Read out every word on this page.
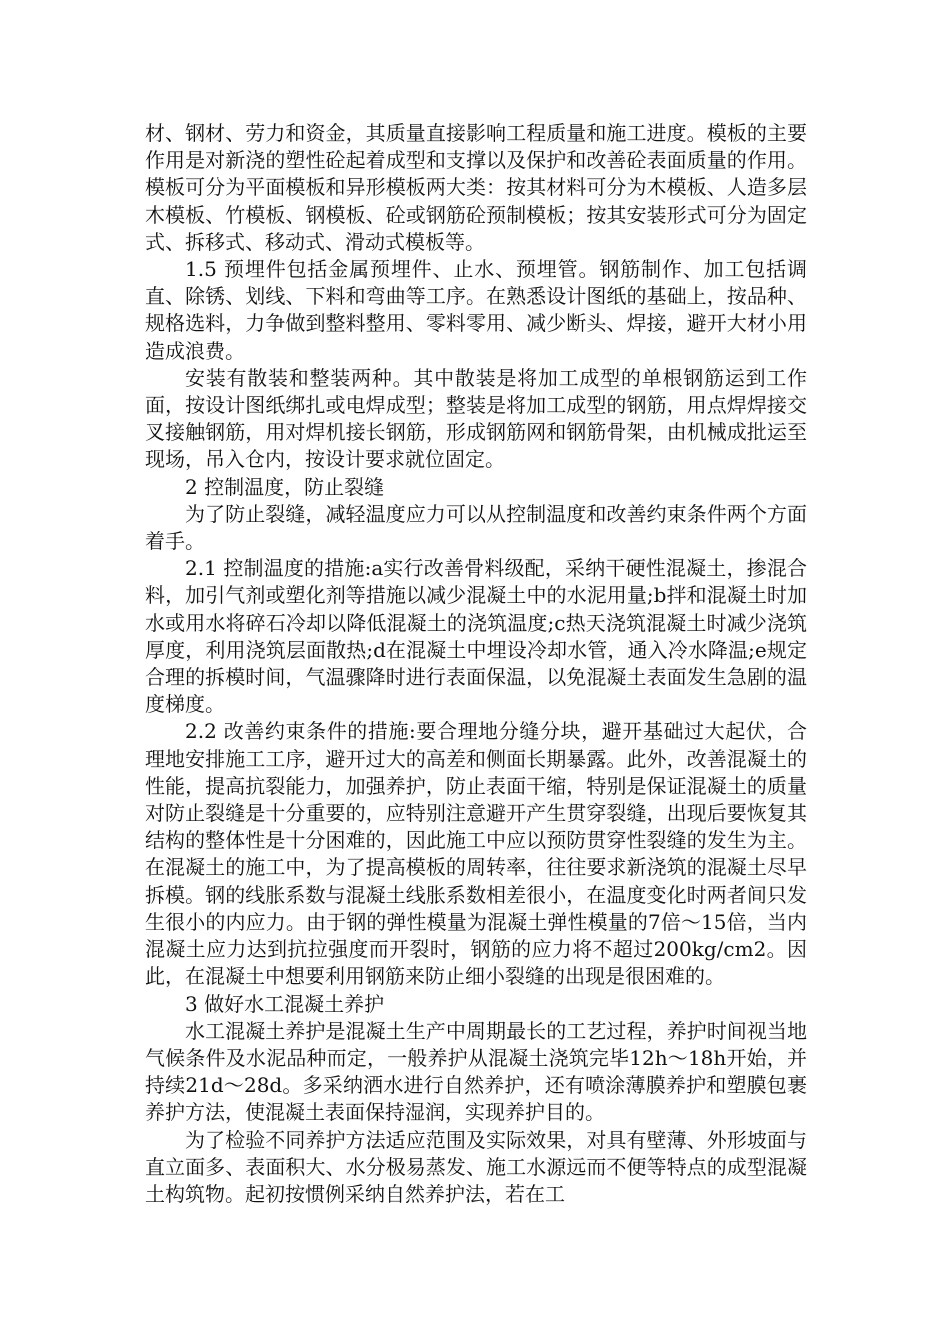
材、钢材、劳力和资金，其质量直接影响工程质量和施工进度。模板的主要作用是对新浇的塑性砼起着成型和支撑以及保护和改善砼表面质量的作用。模板可分为平面模板和异形模板两大类：按其材料可分为木模板、人造多层木模板、竹模板、钢模板、砼或钢筋砼预制模板；按其安装形式可分为固定式、拆移式、移动式、滑动式模板等。

1.5 预埋件包括金属预埋件、止水、预埋管。钢筋制作、加工包括调直、除锈、划线、下料和弯曲等工序。在熟悉设计图纸的基础上，按品种、规格选料，力争做到整料整用、零料零用、减少断头、焊接，避开大材小用造成浪费。

安装有散装和整装两种。其中散装是将加工成型的单根钢筋运到工作面，按设计图纸绑扎或电焊成型；整装是将加工成型的钢筋，用点焊焊接交叉接触钢筋，用对焊机接长钢筋，形成钢筋网和钢筋骨架，由机械成批运至现场，吊入仓内，按设计要求就位固定。

2 控制温度，防止裂缝

为了防止裂缝，减轻温度应力可以从控制温度和改善约束条件两个方面着手。

2.1 控制温度的措施:a实行改善骨料级配，采纳干硬性混凝土，掺混合料，加引气剂或塑化剂等措施以减少混凝土中的水泥用量;b拌和混凝土时加水或用水将碎石冷却以降低混凝土的浇筑温度;c热天浇筑混凝土时减少浇筑厚度，利用浇筑层面散热;d在混凝土中埋设冷却水管，通入冷水降温;e规定合理的拆模时间，气温骤降时进行表面保温，以免混凝土表面发生急剧的温度梯度。

2.2 改善约束条件的措施:要合理地分缝分块，避开基础过大起伏，合理地安排施工工序，避开过大的高差和侧面长期暴露。此外，改善混凝土的性能，提高抗裂能力，加强养护，防止表面干缩，特别是保证混凝土的质量对防止裂缝是十分重要的，应特别注意避开产生贯穿裂缝，出现后要恢复其结构的整体性是十分困难的，因此施工中应以预防贯穿性裂缝的发生为主。在混凝土的施工中，为了提高模板的周转率，往往要求新浇筑的混凝土尽早拆模。钢的线胀系数与混凝土线胀系数相差很小，在温度变化时两者间只发生很小的内应力。由于钢的弹性模量为混凝土弹性模量的7倍～15倍，当内混凝土应力达到抗拉强度而开裂时，钢筋的应力将不超过200kg/cm2。因此，在混凝土中想要利用钢筋来防止细小裂缝的出现是很困难的。

3 做好水工混凝土养护

水工混凝土养护是混凝土生产中周期最长的工艺过程，养护时间视当地气候条件及水泥品种而定，一般养护从混凝土浇筑完毕12h～18h开始，并持续21d～28d。多采纳洒水进行自然养护，还有喷涂薄膜养护和塑膜包裹养护方法，使混凝土表面保持湿润，实现养护目的。

为了检验不同养护方法适应范围及实际效果，对具有壁薄、外形坡面与直立面多、表面积大、水分极易蒸发、施工水源远而不便等特点的成型混凝土构筑物。起初按惯例采纳自然养护法，若在工
